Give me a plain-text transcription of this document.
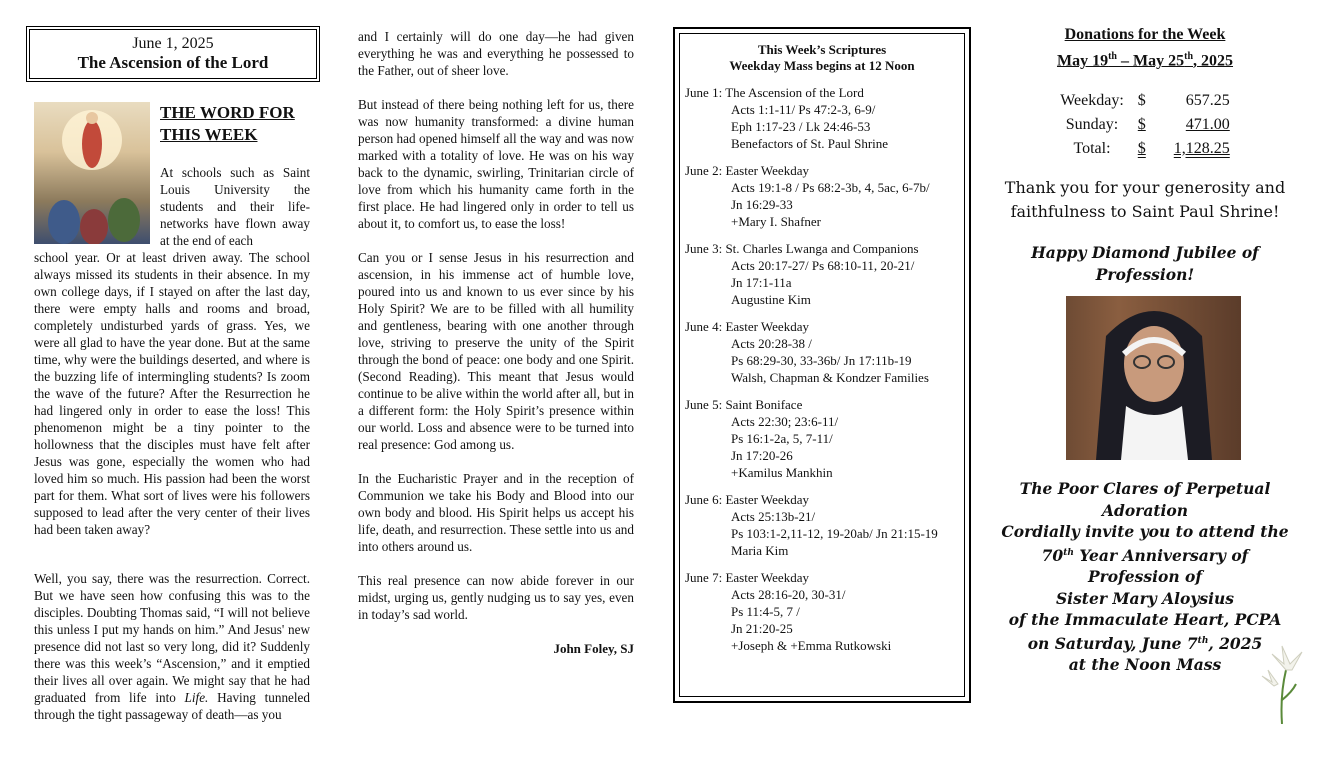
June 1, 2025
The Ascension of the Lord
THE WORD FOR
THIS WEEK
At schools such as Saint Louis University the students and their life-networks have flown away at the end of each
school year. Or at least driven away. The school always missed its students in their absence. In my own college days, if I stayed on after the last day, there were empty halls and rooms and broad, completely undisturbed yards of grass. Yes, we were all glad to have the year done. But at the same time, why were the buildings deserted, and where is the buzzing life of intermingling students? Is zoom the wave of the future? After the Resurrection he had lingered only in order to ease the loss! This phenomenon might be a tiny pointer to the hollowness that the disciples must have felt after Jesus was gone, especially the women who had loved him so much. His passion had been the worst part for them. What sort of lives were his followers supposed to lead after the very center of their lives had been taken away?
Well, you say, there was the resurrection. Correct. But we have seen how confusing this was to the disciples. Doubting Thomas said, “I will not believe this unless I put my hands on him.” And Jesus' new presence did not last so very long, did it? Suddenly there was this week’s “Ascension,” and it emptied their lives all over again. We might say that he had graduated from life into Life. Having tunneled through the tight passageway of death—as you

and I certainly will do one day—he had given everything he was and everything he possessed to the Father, out of sheer love.

But instead of there being nothing left for us, there was now humanity transformed: a divine human person had opened himself all the way and was now marked with a totality of love. He was on his way back to the dynamic, swirling, Trinitarian circle of love from which his humanity came forth in the first place. He had lingered only in order to tell us about it, to comfort us, to ease the loss!

Can you or I sense Jesus in his resurrection and ascension, in his immense act of humble love, poured into us and known to us ever since by his Holy Spirit? We are to be filled with all humility and gentleness, bearing with one another through love, striving to preserve the unity of the Spirit through the bond of peace: one body and one Spirit. (Second Reading). This meant that Jesus would continue to be alive within the world after all, but in a different form: the Holy Spirit’s presence within our world. Loss and absence were to be turned into real presence: God among us.

In the Eucharistic Prayer and in the reception of Communion we take his Body and Blood into our own body and blood. His Spirit helps us accept his life, death, and resurrection. These settle into us and into others around us.

This real presence can now abide forever in our midst, urging us, gently nudging us to say yes, even in today’s sad world.

John Foley, SJ
This Week’s Scriptures
Weekday Mass begins at 12 Noon
June 1: The Ascension of the Lord
Acts 1:1-11/ Ps 47:2-3, 6-9/
Eph 1:17-23 / Lk 24:46-53
Benefactors of St. Paul Shrine
June 2: Easter Weekday
Acts 19:1-8 / Ps 68:2-3b, 4, 5ac, 6-7b/
Jn 16:29-33
+Mary I. Shafner
June 3: St. Charles Lwanga and Companions
Acts 20:17-27/ Ps 68:10-11, 20-21/
Jn 17:1-11a
Augustine Kim
June 4: Easter Weekday
Acts 20:28-38 /
Ps 68:29-30, 33-36b/ Jn 17:11b-19
Walsh, Chapman & Kondzer Families
June 5: Saint Boniface
Acts 22:30; 23:6-11/
Ps 16:1-2a, 5, 7-11/
Jn 17:20-26
+Kamilus Mankhin
June 6: Easter Weekday
Acts 25:13b-21/
Ps 103:1-2,11-12, 19-20ab/ Jn 21:15-19
Maria Kim
June 7: Easter Weekday
Acts 28:16-20, 30-31/
Ps 11:4-5, 7 /
Jn 21:20-25
+Joseph & +Emma Rutkowski
Donations for the Week
May 19th – May 25th, 2025
Weekday:	$	657.25
Sunday:	$	471.00
Total:	$	1,128.25
Thank you for your generosity and faithfulness to Saint Paul Shrine!
Happy Diamond Jubilee of Profession!
The Poor Clares of Perpetual Adoration
Cordially invite you to attend the
70th Year Anniversary of Profession of
Sister Mary Aloysius
of the Immaculate Heart, PCPA
on Saturday, June 7th, 2025
at the Noon Mass
